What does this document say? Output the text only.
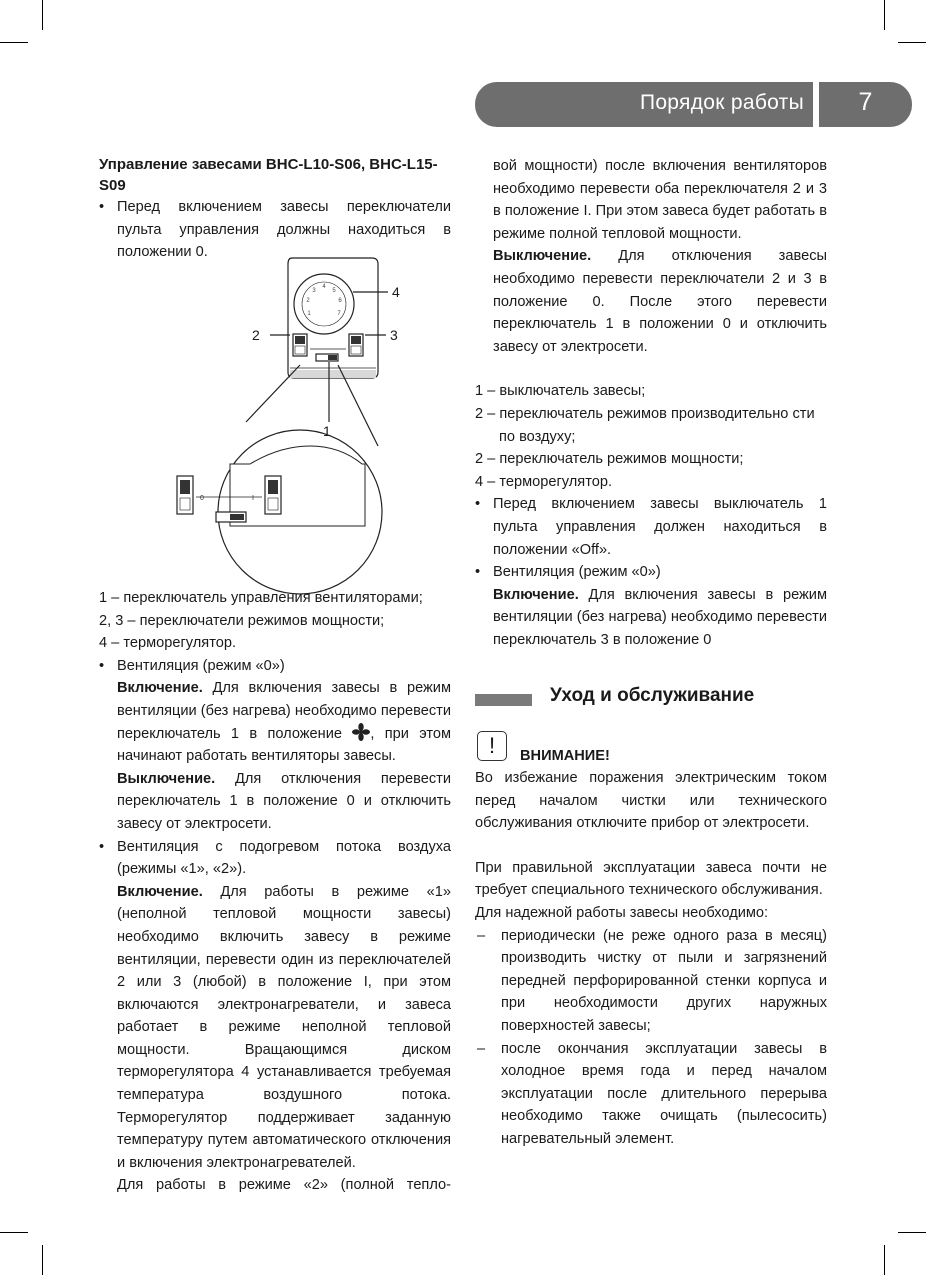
Порядок работы	7

Управление завесами BHC-L10-S06, BHC-L15-S09

• Перед включением завесы переключатели пульта управления должны находиться в положении 0.

1
2
3
4
5
6
7
0	I
2	3
4
1

1 – переключатель управления вентиляторами;

2, 3 – переключатели режимов мощности;

4 – терморегулятор.

• Вентиляция (режим «0»)

Включение. Для включения завесы в режим вентиляции (без нагрева) необходимо перевести переключатель 1 в положение , при этом начинают работать вентиляторы завесы.

Выключение. Для отключения перевести переключатель 1 в положение 0 и отключить завесу от электросети.

• Вентиляция с подогревом потока воздуха (режимы «1», «2»).

Включение. Для работы в режиме «1» (неполной тепловой мощности завесы) необходимо включить завесу в режиме вентиляции, перевести один из переключателей 2 или 3 (любой) в положение I, при этом включаются электронагреватели, и завеса работает в режиме неполной тепловой мощности. Вращающимся диском терморегулятора 4 устанавливается требуемая температура воздушного потока. Терморегулятор поддерживает заданную температуру путем автоматического отключения и включения электронагревателей.

Для работы в режиме «2» (полной тепло-

вой мощности) после включения вентиляторов необходимо перевести оба переключателя 2 и 3 в положение I. При этом завеса будет работать в режиме полной тепловой мощности.

Выключение. Для отключения завесы необходимо перевести переключатели 2 и 3 в положение 0. После этого перевести переключатель 1 в положении 0 и отключить завесу от электросети.

1 – выключатель завесы;

2 – переключатель режимов производительно сти по воздуху;

2 – переключатель режимов мощности;

4 – терморегулятор.

• Перед включением завесы выключатель 1 пульта управления должен находиться в положении «Off».

• Вентиляция (режим «0»)

Включение. Для включения завесы в режим вентиляции (без нагрева) необходимо перевести переключатель 3 в положение 0

Уход и обслуживание
!	ВНИМАНИЕ!

Во избежание поражения электрическим током перед началом чистки или технического обслуживания отключите прибор от электросети.

При правильной эксплуатации завеса почти не требует специального технического обслуживания.

Для надежной работы завесы необходимо:

– периодически (не реже одного раза в месяц) производить чистку от пыли и загрязнений передней перфорированной стенки корпуса и при необходимости других наружных поверхностей завесы;

– после окончания эксплуатации завесы в холодное время года и перед началом эксплуатации после длительного перерыва необходимо также очищать (пылесосить) нагревательный элемент.
